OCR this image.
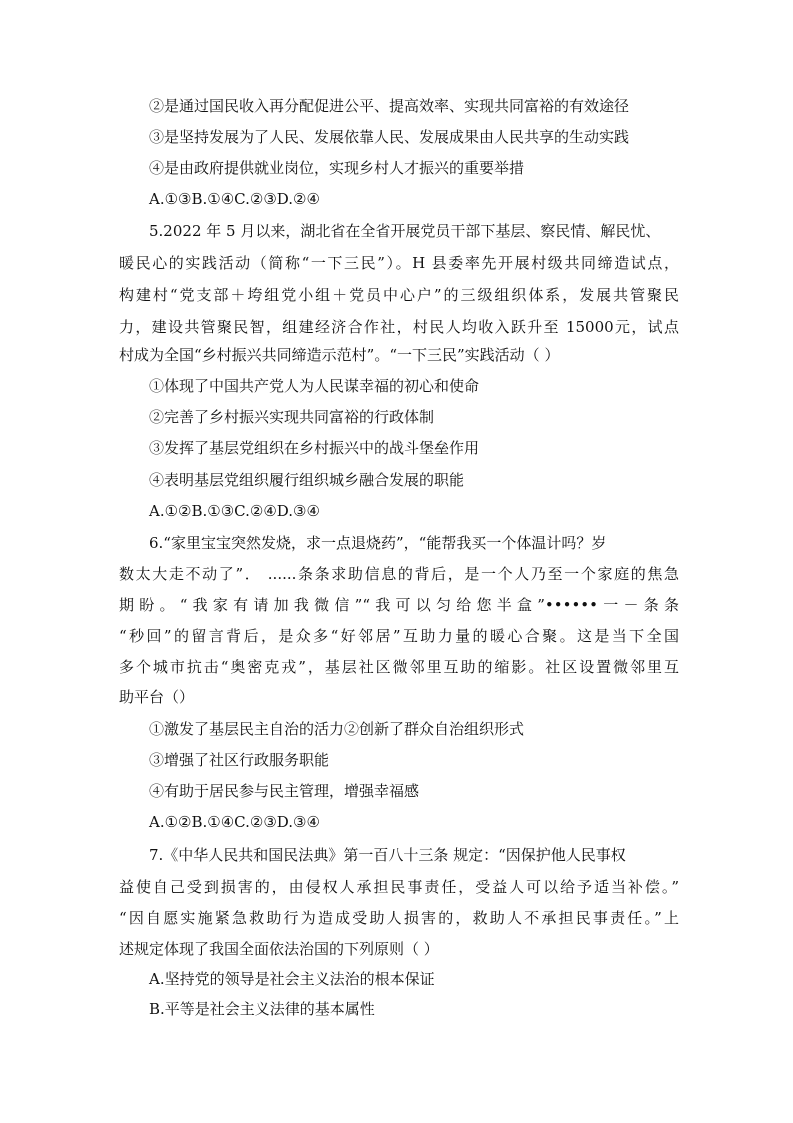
②是通过国民收入再分配促进公平、提高效率、实现共同富裕的有效途径
③是坚持发展为了人民、发展依靠人民、发展成果由人民共享的生动实践
④是由政府提供就业岗位，实现乡村人才振兴的重要举措
A.①③B.①④C.②③D.②④
5.2022 年 5 月以来，湖北省在全省开展党员干部下基层、察民情、解民忧、
暖民心的实践活动（简称“一下三民”）。H 县委率先开展村级共同缔造试点，
构建村“党支部＋垮组党小组＋党员中心户”的三级组织体系，发展共管聚民
力，建设共管聚民智，组建经济合作社，村民人均收入跃升至 15000元，试点
村成为全国“乡村振兴共同缔造示范村”。“一下三民”实践活动（ ）
①体现了中国共产党人为人民谋幸福的初心和使命
②完善了乡村振兴实现共同富裕的行政体制
③发挥了基层党组织在乡村振兴中的战斗堡垒作用
④表明基层党组织履行组织城乡融合发展的职能
A.①②B.①③C.②④D.③④
6.“家里宝宝突然发烧，求一点退烧药”，“能帮我买一个体温计吗？岁
数太大走不动了”． ......条条求助信息的背后，是一个人乃至一个家庭的焦急
期盼。“我家有请加我微信”“我可以匀给您半盒”••••••一－条条
“秒回”的留言背后，是众多“好邻居”互助力量的暖心合聚。这是当下全国
多个城市抗击“奥密克戎”，基层社区微邻里互助的缩影。社区设置微邻里互
助平台（）
①激发了基层民主自治的活力②创新了群众自治组织形式
③增强了社区行政服务职能
④有助于居民参与民主管理，增强幸福感
A.①②B.①④C.②③D.③④
7.《中华人民共和国民法典》第一百八十三条 规定：“因保护他人民事权
益使自己受到损害的，由侵权人承担民事责任，受益人可以给予适当补偿。”
“因自愿实施紧急救助行为造成受助人损害的，救助人不承担民事责任。”上
述规定体现了我国全面依法治国的下列原则（ ）
A.坚持党的领导是社会主义法治的根本保证
B.平等是社会主义法律的基本属性
